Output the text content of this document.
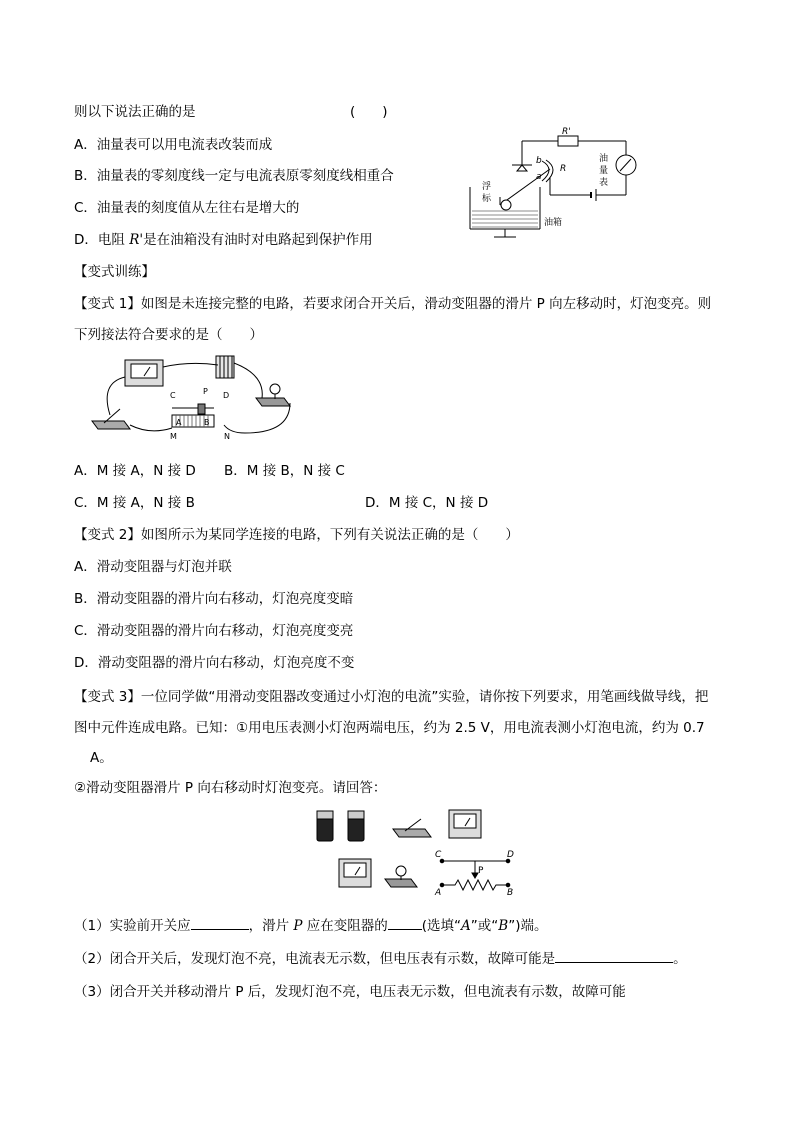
则以下说法正确的是	(　　)
A．油量表可以用电流表改装而成
B．油量表的零刻度线一定与电流表原零刻度线相重合
C．油量表的刻度值从左往右是增大的
D．电阻 R'是在油箱没有油时对电路起到保护作用
R'
b
a
R
油
量
表
浮
标
油箱
【变式训练】
【变式 1】如图是未连接完整的电路，若要求闭合开关后，滑动变阻器的滑片 P 向左移动时，灯泡变亮。则
下列接法符合要求的是（　　）
C	P D
A	B
M	N
A．M 接 A，N 接 D B．M 接 B，N 接 C
C．M 接 A，N 接 B	D．M 接 C，N 接 D
【变式 2】如图所示为某同学连接的电路，下列有关说法正确的是（　　）
A．滑动变阻器与灯泡并联
B．滑动变阻器的滑片向右移动，灯泡亮度变暗
C．滑动变阻器的滑片向右移动，灯泡亮度变亮
D．滑动变阻器的滑片向右移动，灯泡亮度不变
【变式 3】一位同学做“用滑动变阻器改变通过小灯泡的电流”实验，请你按下列要求，用笔画线做导线，把
图中元件连成电路。已知：①用电压表测小灯泡两端电压，约为 2.5 V，用电流表测小灯泡电流，约为 0.7
A。
②滑动变阻器滑片 P 向右移动时灯泡变亮。请回答：
C	D
P
A	B
（1）实验前开关应	，滑片 P 应在变阻器的	(选填“A”或“B”)端。
（2）闭合开关后，发现灯泡不亮，电流表无示数，但电压表有示数，故障可能是	。
（3）闭合开关并移动滑片 P 后，发现灯泡不亮，电压表无示数，但电流表有示数，故障可能
